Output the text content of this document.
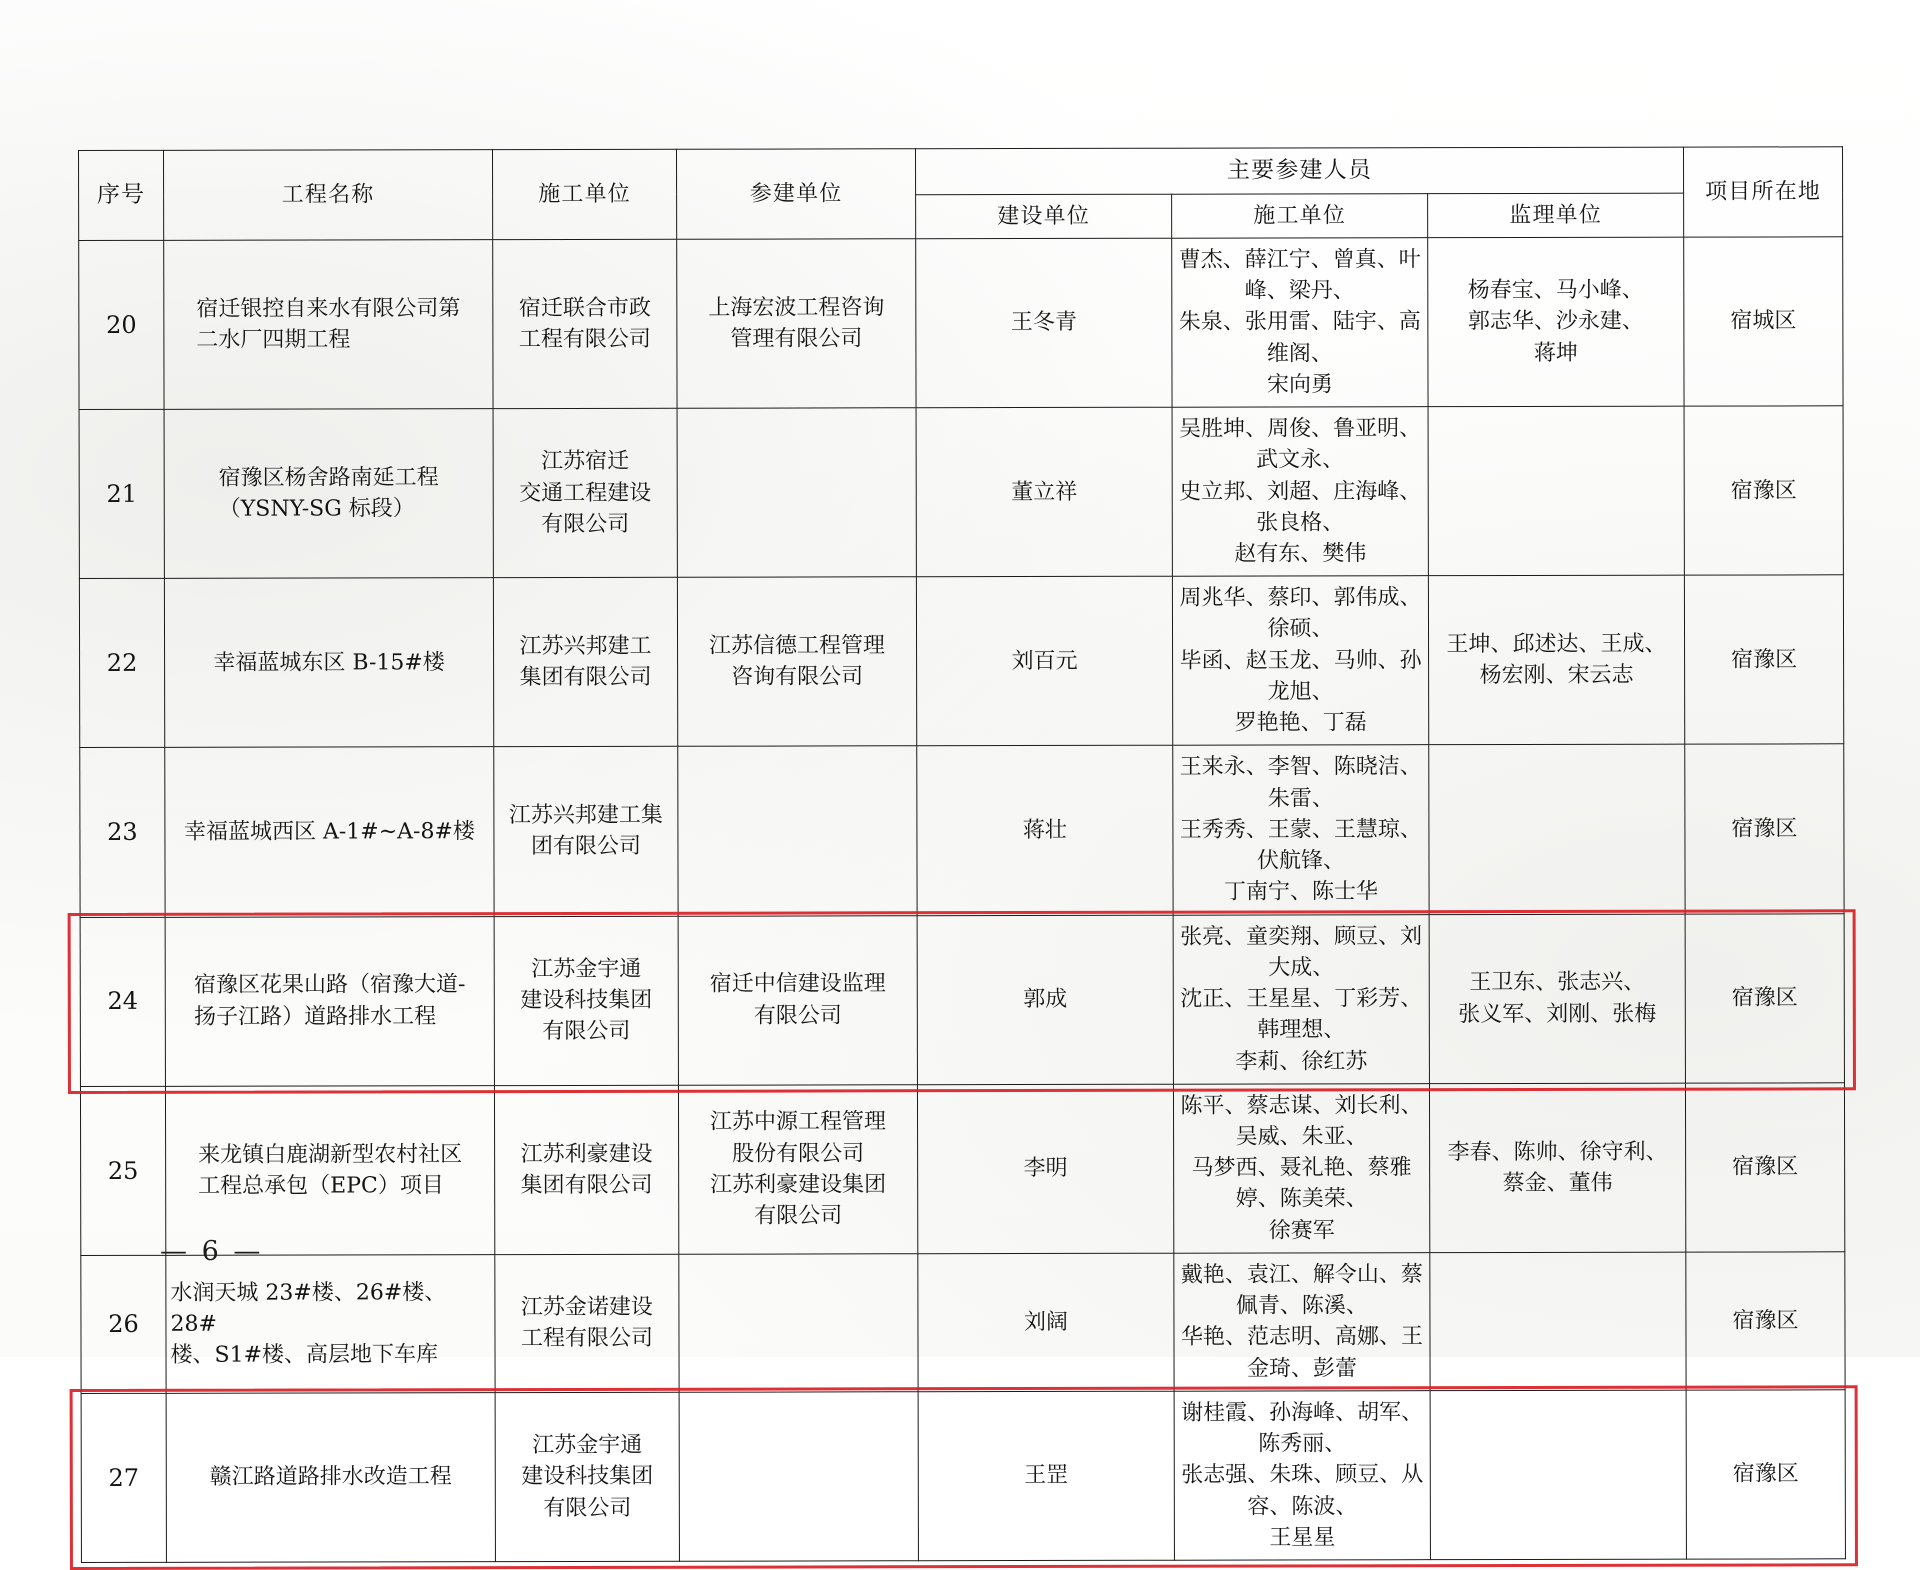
序号	工程名称	施工单位	参建单位	主要参建人员			项目所在地
				建设单位	施工单位	监理单位	
20	宿迁银控自来水有限公司第
二水厂四期工程	宿迁联合市政
工程有限公司	上海宏波工程咨询
管理有限公司	王冬青	曹杰、薛江宁、曾真、叶峰、梁丹、
朱泉、张用雷、陆宇、高维阁、
宋向勇	杨春宝、马小峰、
郭志华、沙永建、
蒋坤	宿城区
21	宿豫区杨舍路南延工程
（YSNY-SG 标段）	江苏宿迁
交通工程建设
有限公司		董立祥	吴胜坤、周俊、鲁亚明、武文永、
史立邦、刘超、庄海峰、张良格、
赵有东、樊伟		宿豫区
22	幸福蓝城东区 B-15#楼	江苏兴邦建工
集团有限公司	江苏信德工程管理
咨询有限公司	刘百元	周兆华、蔡印、郭伟成、徐硕、
毕函、赵玉龙、马帅、孙龙旭、
罗艳艳、丁磊	王坤、邱述达、王成、
杨宏刚、宋云志	宿豫区
23	幸福蓝城西区 A-1#~A-8#楼	江苏兴邦建工集
团有限公司		蒋壮	王来永、李智、陈晓洁、朱雷、
王秀秀、王蒙、王慧琼、伏航锋、
丁南宁、陈士华		宿豫区
24	宿豫区花果山路（宿豫大道-
扬子江路）道路排水工程	江苏金宇通
建设科技集团
有限公司	宿迁中信建设监理
有限公司	郭成	张亮、童奕翔、顾豆、刘大成、
沈正、王星星、丁彩芳、韩理想、
李莉、徐红苏	王卫东、张志兴、
张义军、刘刚、张梅	宿豫区
25	来龙镇白鹿湖新型农村社区
工程总承包（EPC）项目	江苏利豪建设
集团有限公司	江苏中源工程管理
股份有限公司
江苏利豪建设集团
有限公司	李明	陈平、蔡志谋、刘长利、吴威、朱亚、
马梦西、聂礼艳、蔡雅婷、陈美荣、
徐赛军	李春、陈帅、徐守利、
蔡金、董伟	宿豫区
26	水润天城 23#楼、26#楼、28#
楼、S1#楼、高层地下车库	江苏金诺建设
工程有限公司		刘阔	戴艳、袁江、解令山、蔡佩青、陈溪、
华艳、范志明、高娜、王金琦、彭蕾		宿豫区
27	赣江路道路排水改造工程	江苏金宇通
建设科技集团
有限公司		王罡	谢桂霞、孙海峰、胡军、陈秀丽、
张志强、朱珠、顾豆、从容、陈波、
王星星		宿豫区
— 6 —
